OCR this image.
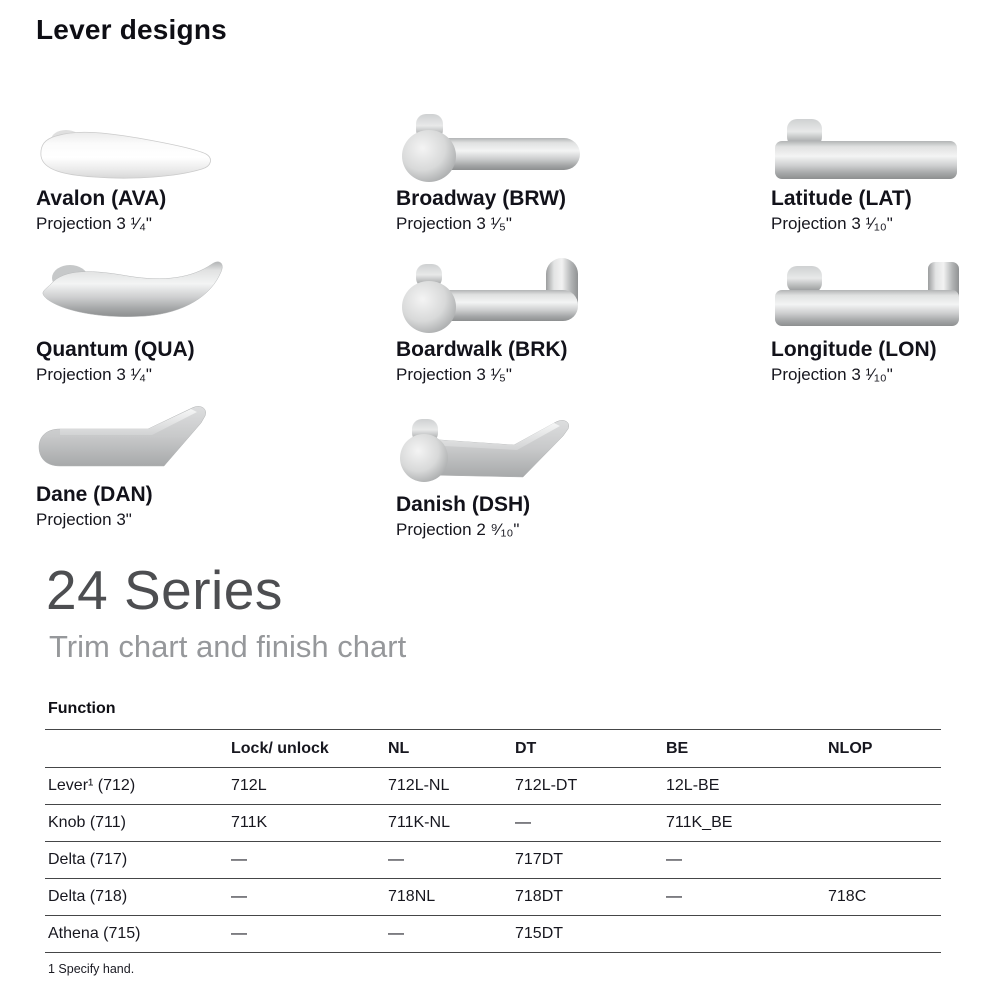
Lever designs
Avalon (AVA)
Projection 3 ¹⁄₄"
Broadway (BRW)
Projection 3 ¹⁄₅"
Latitude (LAT)
Projection 3 ¹⁄₁₀"
Quantum (QUA)
Projection 3 ¹⁄₄"
Boardwalk (BRK)
Projection 3 ¹⁄₅"
Longitude (LON)
Projection 3 ¹⁄₁₀"
Dane (DAN)
Projection 3"
Danish (DSH)
Projection 2 ⁹⁄₁₀"
24 Series
Trim chart and finish chart
Function
	Lock/ unlock	NL	DT	BE	NLOP
Lever¹ (712)	712L	712L-NL	712L-DT	12L-BE	
Knob (711)	711K	711K-NL	—	711K_BE	
Delta (717)	—	—	717DT	—	
Delta (718)	—	718NL	718DT	—	718C
Athena (715)	—	—	715DT		
1 Specify hand.
